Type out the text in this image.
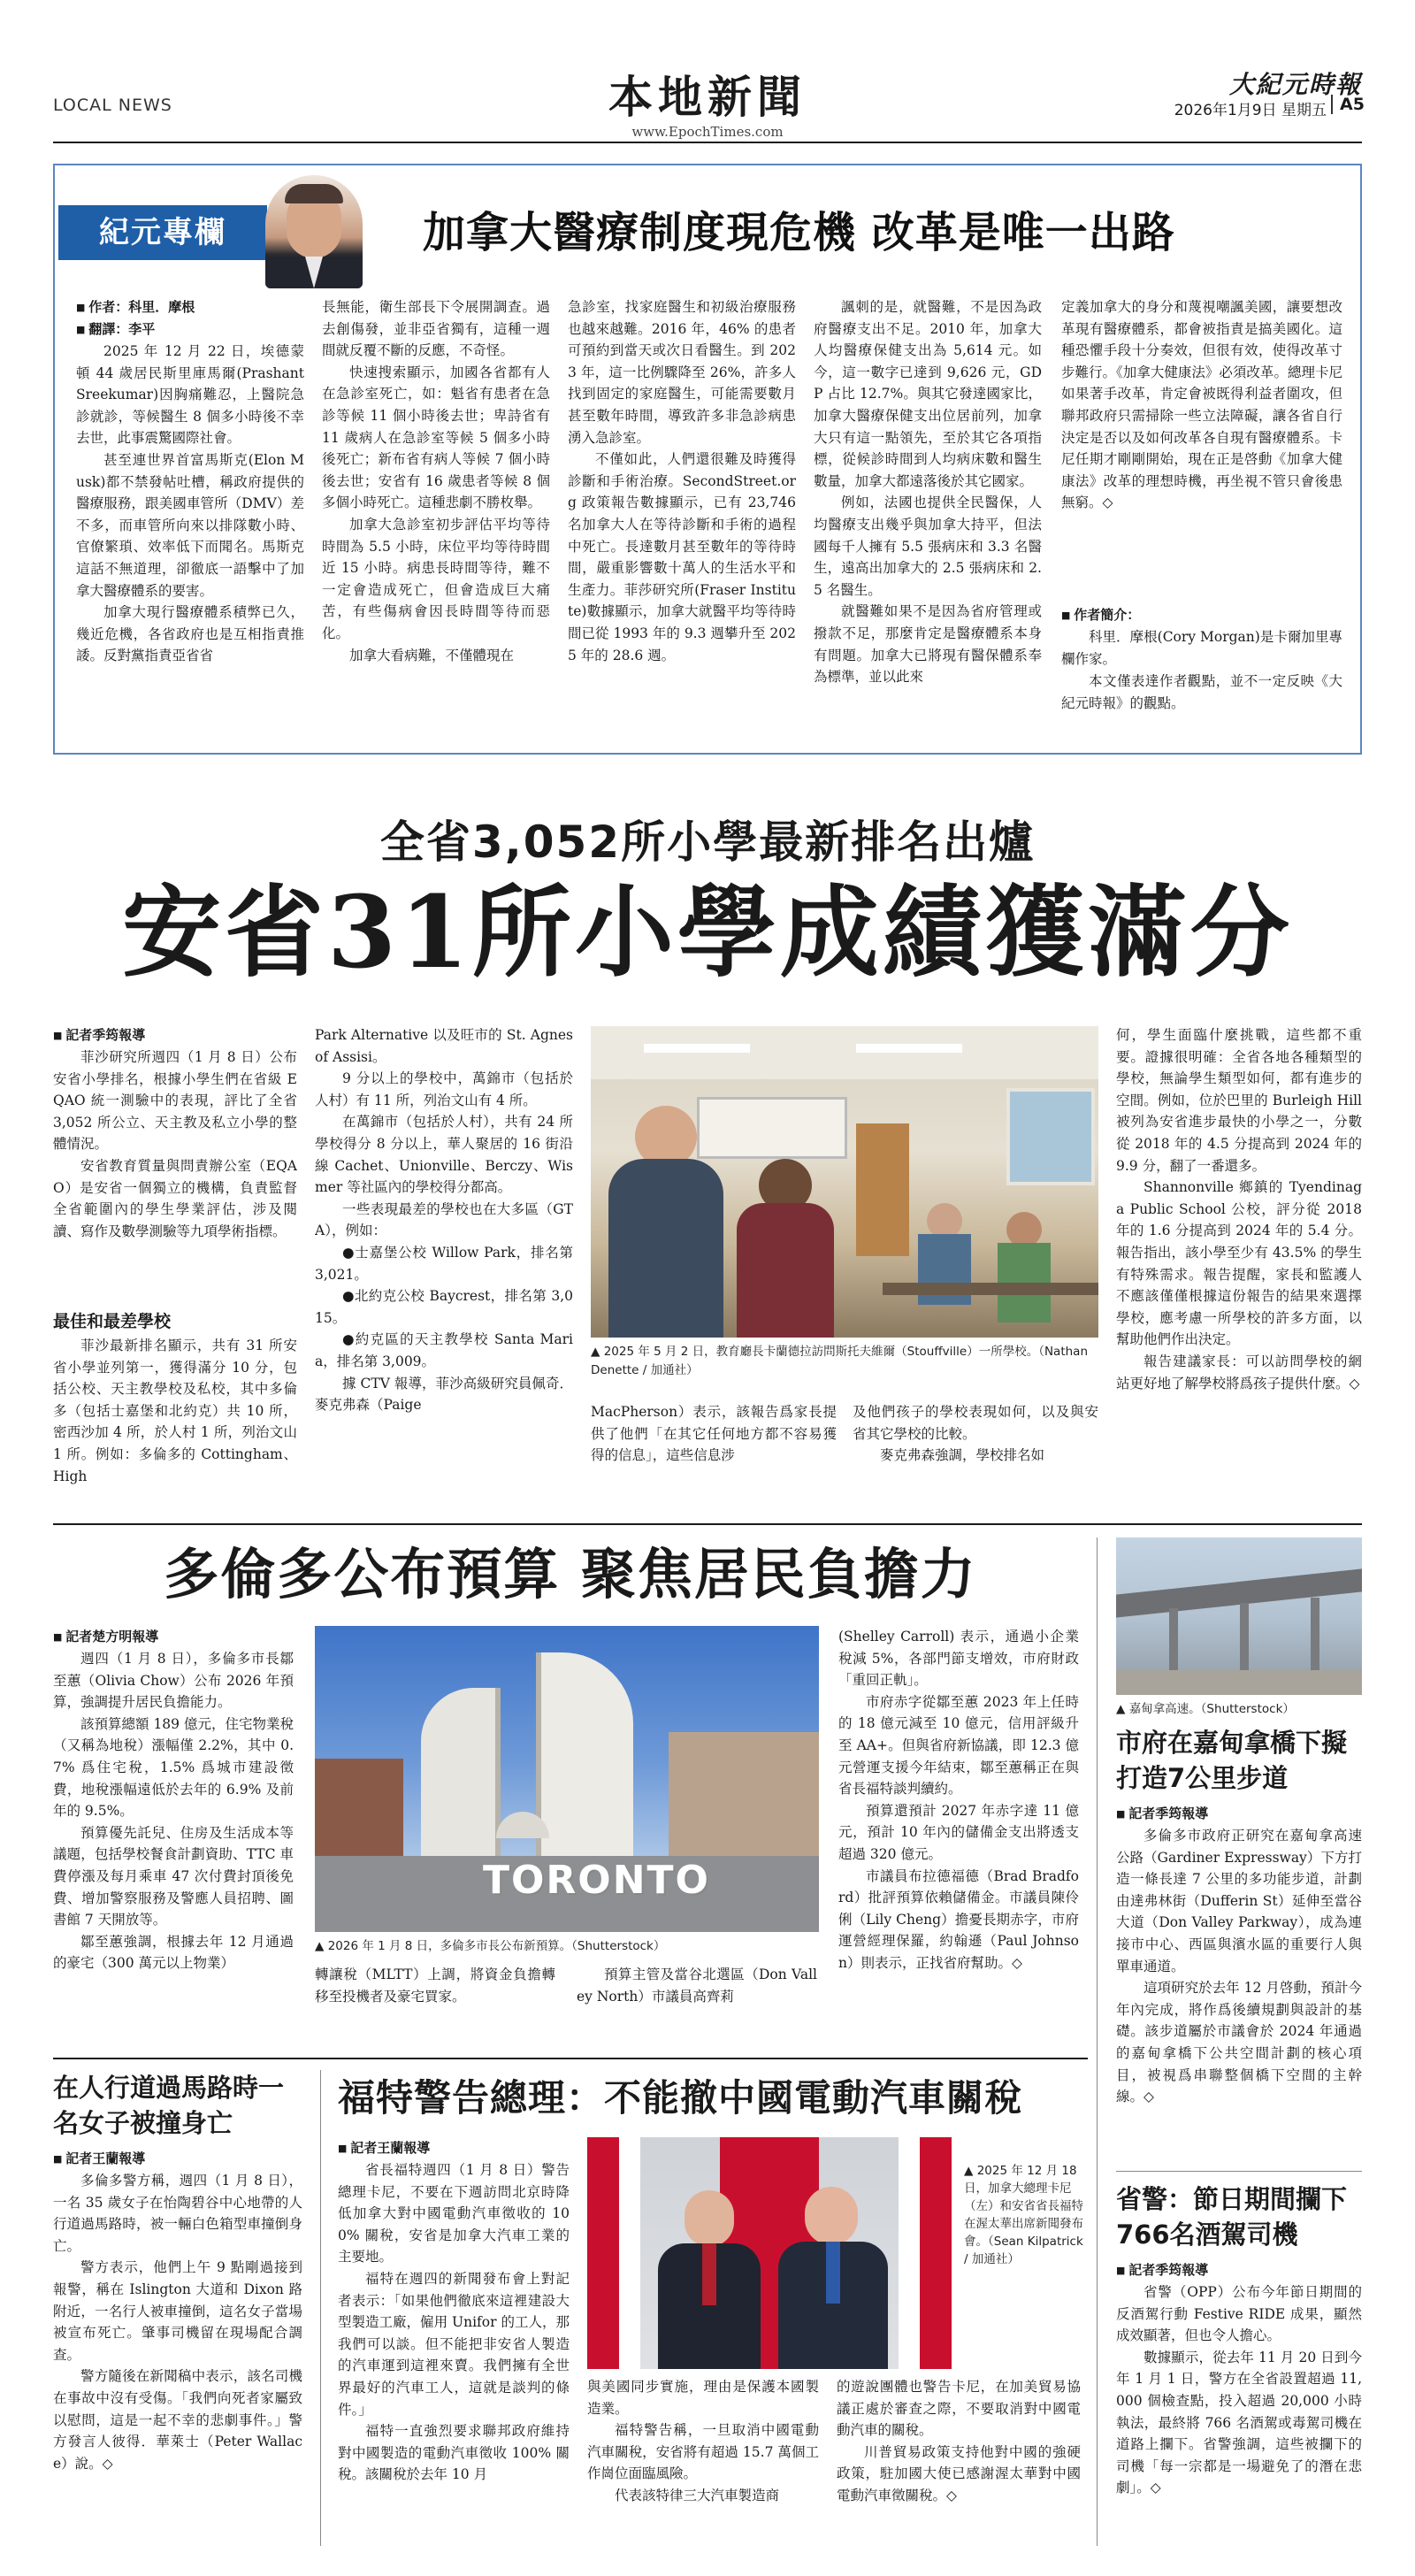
LOCAL NEWS	本地新聞
www.EpochTimes.com
大紀元時報
2026年1月9日 星期五 A5
紀元專欄	加拿大醫療制度現危機 改革是唯一出路
■ 作者：科里．摩根
■ 翻譯：李平

2025 年 12 月 22 日，埃德蒙頓 44 歲居民斯里庫馬爾(Prashant Sreekumar)因胸痛難忍，上醫院急診就診，等候醫生 8 個多小時後不幸去世，此事震驚國際社會。

甚至連世界首富馬斯克(Elon Musk)都不禁發帖吐槽，稱政府提供的醫療服務，跟美國車管所（DMV）差不多，而車管所向來以排隊數小時、官僚繁瑣、效率低下而聞名。馬斯克這話不無道理，卻徹底一語擊中了加拿大醫療體系的要害。

加拿大現行醫療體系積弊已久，幾近危機，各省政府也是互相指責推諉。反對黨指責亞省省

長無能，衛生部長下令展開調查。過去創傷發，並非亞省獨有，這種一週間就反覆不斷的反應，不奇怪。

快速搜索顯示，加國各省都有人在急診室死亡，如：魁省有患者在急診等候 11 個小時後去世；卑詩省有 11 歲病人在急診室等候 5 個多小時後死亡；新布省有病人等候 7 個小時後去世；安省有 16 歲患者等候 8 個多個小時死亡。這種悲劇不勝枚舉。

加拿大急診室初步評估平均等待時間為 5.5 小時，床位平均等待時間近 15 小時。病患長時間等待，難不一定會造成死亡，但會造成巨大痛苦，有些傷病會因長時間等待而惡化。

加拿大看病難，不僅體現在

急診室，找家庭醫生和初級治療服務也越來越難。2016 年，46% 的患者可預約到當天或次日看醫生。到 2023 年，這一比例驟降至 26%，許多人找到固定的家庭醫生，可能需要數月甚至數年時間，導致許多非急診病患湧入急診室。

不僅如此，人們還很難及時獲得診斷和手術治療。SecondStreet.org 政策報告數據顯示，已有 23,746 名加拿大人在等待診斷和手術的過程中死亡。長達數月甚至數年的等待時間，嚴重影響數十萬人的生活水平和生產力。菲莎研究所(Fraser Institute)數據顯示，加拿大就醫平均等待時間已從 1993 年的 9.3 週攀升至 2025 年的 28.6 週。

諷刺的是，就醫難，不是因為政府醫療支出不足。2010 年，加拿大人均醫療保健支出為 5,614 元。如今，這一數字已達到 9,626 元，GDP 占比 12.7%。與其它發達國家比，加拿大醫療保健支出位居前列，加拿大只有這一點領先，至於其它各項指標，從候診時間到人均病床數和醫生數量，加拿大都遠落後於其它國家。

例如，法國也提供全民醫保，人均醫療支出幾乎與加拿大持平，但法國每千人擁有 5.5 張病床和 3.3 名醫生，遠高出加拿大的 2.5 張病床和 2.5 名醫生。

就醫難如果不是因為省府管理或撥款不足，那麼肯定是醫療體系本身有問題。加拿大已將現有醫保體系奉為標準，並以此來

定義加拿大的身分和蔑視嘲諷美國，讓要想改革現有醫療體系，都會被指責是搞美國化。這種恐懼手段十分奏效，但很有效，使得改革寸步難行。《加拿大健康法》必須改革。總理卡尼如果著手改革，肯定會被既得利益者圍攻，但聯邦政府只需掃除一些立法障礙，讓各省自行決定是否以及如何改革各自現有醫療體系。卡尼任期才剛剛開始，現在正是啓動《加拿大健康法》改革的理想時機，再坐視不管只會後患無窮。◇

■ 作者簡介：

科里．摩根(Cory Morgan)是卡爾加里專欄作家。

本文僅表達作者觀點，並不一定反映《大紀元時報》的觀點。

全省3,052所小學最新排名出爐
安省31所小學成績獲滿分
■ 記者季筠報導

菲沙研究所週四（1 月 8 日）公布安省小學排名，根據小學生們在省級 EQAO 統一測驗中的表現，評比了全省 3,052 所公立、天主教及私立小學的整體情況。

安省教育質量與問責辦公室（EQAO）是安省一個獨立的機構，負責監督全省範圍內的學生學業評估，涉及閱讀、寫作及數學測驗等九項學術指標。

最佳和最差學校

菲沙最新排名顯示，共有 31 所安省小學並列第一，獲得滿分 10 分，包括公校、天主教學校及私校，其中多倫多（包括士嘉堡和北約克）共 10 所，密西沙加 4 所，於人村 1 所，列治文山 1 所。例如：多倫多的 Cottingham、High

Park Alternative 以及旺市的 St. Agnes of Assisi。

9 分以上的學校中，萬錦市（包括於人村）有 11 所，列治文山有 4 所。

在萬錦市（包括於人村），共有 24 所學校得分 8 分以上，華人聚居的 16 街沿線 Cachet、Unionville、Berczy、Wismer 等社區內的學校得分都高。

一些表現最差的學校也在大多區（GTA），例如：

●士嘉堡公校 Willow Park，排名第 3,021。

●北約克公校 Baycrest，排名第 3,015。

●約克區的天主教學校 Santa Maria，排名第 3,009。

據 CTV 報導，菲沙高級研究員佩奇．麥克弗森（Paige

▲ 2025 年 5 月 2 日，教育廳長卡蘭德拉訪問斯托夫維爾（Stouffville）一所學校。（Nathan Denette / 加通社）

MacPherson）表示，該報告爲家長提供了他們「在其它任何地方都不容易獲得的信息」，這些信息涉

及他們孩子的學校表現如何，以及與安省其它學校的比較。

麥克弗森強調，學校排名如

何，學生面臨什麼挑戰，這些都不重要。證據很明確：全省各地各種類型的學校，無論學生類型如何，都有進步的空間。例如，位於巴里的 Burleigh Hill 被列為安省進步最快的小學之一，分數從 2018 年的 4.5 分提高到 2024 年的 9.9 分，翻了一番還多。

Shannonville 鄉鎮的 Tyendinaga Public School 公校，評分從 2018 年的 1.6 分提高到 2024 年的 5.4 分。報告指出，該小學至少有 43.5% 的學生有特殊需求。報告提醒，家長和監護人不應該僅僅根據這份報告的結果來選擇學校，應考慮一所學校的許多方面，以幫助他們作出決定。

報告建議家長：可以訪問學校的網站更好地了解學校將爲孩子提供什麼。◇

多倫多公布預算 聚焦居民負擔力
■ 記者楚方明報導

週四（1 月 8 日），多倫多市長鄒至蕙（Olivia Chow）公布 2026 年預算，強調提升居民負擔能力。

該預算總額 189 億元，住宅物業稅（又稱為地稅）漲幅僅 2.2%，其中 0.7% 爲住宅稅，1.5% 爲城市建設徵費，地稅漲幅遠低於去年的 6.9% 及前年的 9.5%。

預算優先託兒、住房及生活成本等議題，包括學校餐食計劃資助、TTC 車費停漲及每月乘車 47 次付費封頂後免費、增加警察服務及警應人員招聘、圖書館 7 天開放等。

鄒至蕙強調，根據去年 12 月通過的豪宅（300 萬元以上物業）

TORONTO
▲ 2026 年 1 月 8 日，多倫多市長公布新預算。（Shutterstock）

轉讓稅（MLTT）上調，將資金負擔轉移至投機者及豪宅買家。

預算主管及當谷北選區（Don Valley North）市議員高齊莉

(Shelley Carroll) 表示，通過小企業稅減 5%，各部門節支增效，市府財政「重回正軌」。

市府赤字從鄒至蕙 2023 年上任時的 18 億元減至 10 億元，信用評級升至 AA+。但與省府新協議，即 12.3 億元營運支援今年結束，鄒至蕙稱正在與省長福特談判續約。

預算還預計 2027 年赤字達 11 億元，預計 10 年內的儲備金支出將透支超過 320 億元。

市議員布拉德福德（Brad Bradford）批評預算依賴儲備金。市議員陳伶俐（Lily Cheng）擔憂長期赤字，市府運營經理保羅，約翰遜（Paul Johnson）則表示，正找省府幫助。◇

▲ 嘉甸拿高速。（Shutterstock）
市府在嘉甸拿橋下擬打造7公里步道
■ 記者季筠報導

多倫多市政府正研究在嘉甸拿高速公路（Gardiner Expressway）下方打造一條長達 7 公里的多功能步道，計劃由達弗林街（Dufferin St）延伸至當谷大道（Don Valley Parkway），成為連接市中心、西區與濱水區的重要行人與單車通道。

這項研究於去年 12 月啓動，預計今年內完成，將作爲後續規劃與設計的基礎。該步道屬於市議會於 2024 年通過的嘉甸拿橋下公共空間計劃的核心項目，被視爲串聯整個橋下空間的主幹線。◇

在人行道過馬路時一名女子被撞身亡
■ 記者王蘭報導

多倫多警方稱，週四（1 月 8 日），一名 35 歲女子在怡陶碧谷中心地帶的人行道過馬路時，被一輛白色箱型車撞倒身亡。

警方表示，他們上午 9 點剛過接到報警，稱在 Islington 大道和 Dixon 路附近，一名行人被車撞倒，這名女子當場被宣布死亡。肇事司機留在現場配合調查。

警方隨後在新聞稿中表示，該名司機在事故中沒有受傷。「我們向死者家屬致以慰問，這是一起不幸的悲劇事件。」警方發言人彼得．華萊士（Peter Wallace）說。◇

福特警告總理：不能撤中國電動汽車關稅
■ 記者王蘭報導

省長福特週四（1 月 8 日）警告總理卡尼，不要在下週訪問北京時降低加拿大對中國電動汽車徵收的 100% 關稅，安省是加拿大汽車工業的主要地。

福特在週四的新聞發布會上對記者表示：「如果他們徹底來這裡建設大型製造工廠，僱用 Unifor 的工人，那我們可以談。但不能把非安省人製造的汽車運到這裡來賣。我們擁有全世界最好的汽車工人，這就是談判的條件。」

福特一直強烈要求聯邦政府維持對中國製造的電動汽車徵收 100% 關稅。該關稅於去年 10 月

▲ 2025 年 12 月 18 日，加拿大總理卡尼（左）和安省省長福特在渥太華出席新聞發布會。（Sean Kilpatrick / 加通社）

與美國同步實施，理由是保護本國製造業。

福特警告稱，一旦取消中國電動汽車關稅，安省將有超過 15.7 萬個工作崗位面臨風險。

代表該特律三大汽車製造商

的遊說團體也警告卡尼，在加美貿易協議正處於審查之際，不要取消對中國電動汽車的關稅。

川普貿易政策支持他對中國的強硬政策，駐加國大使已感謝渥太華對中國電動汽車徵關稅。◇

省警：節日期間攔下766名酒駕司機
■ 記者季筠報導

省警（OPP）公布今年節日期間的反酒駕行動 Festive RIDE 成果，顯然成效顯著，但也令人擔心。

數據顯示，從去年 11 月 20 日到今年 1 月 1 日，警方在全省設置超過 11,000 個檢查點，投入超過 20,000 小時執法，最終將 766 名酒駕或毒駕司機在道路上攔下。省警強調，這些被攔下的司機「每一宗都是一場避免了的潛在悲劇」。◇
